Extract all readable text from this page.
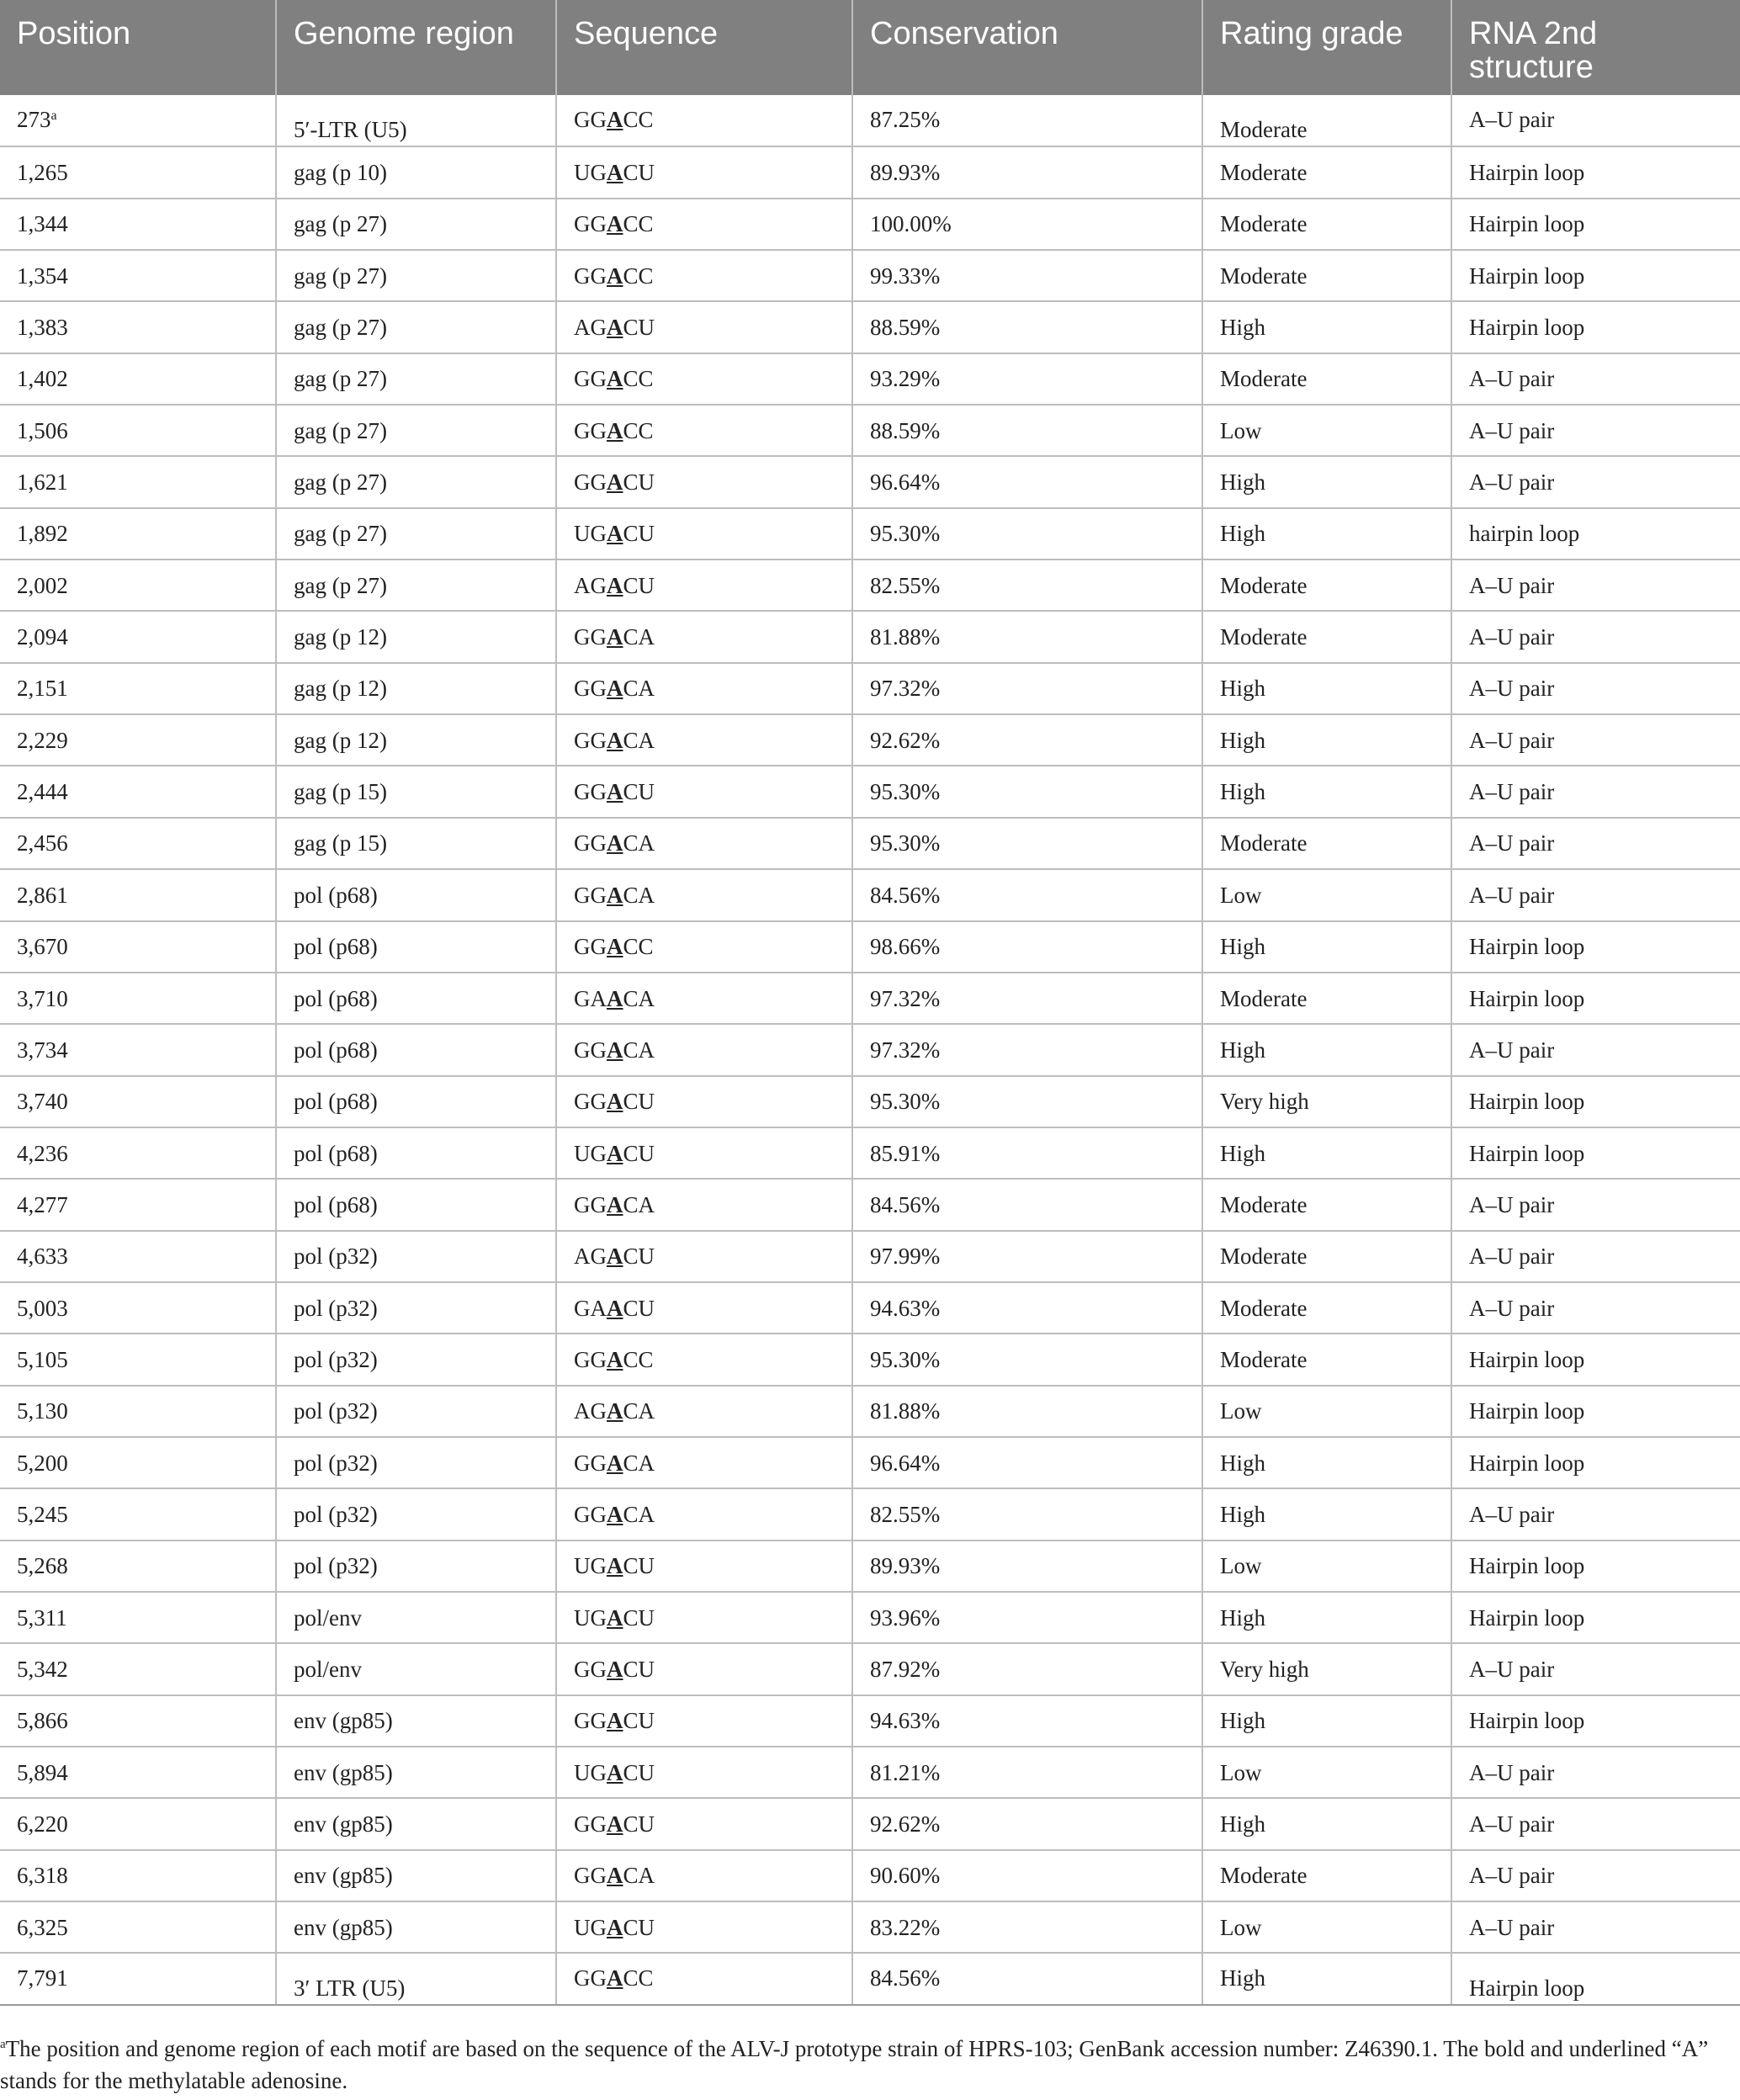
Position	Genome region	Sequence	Conservation	Rating grade	RNA 2nd structure
273$^a$	5′-LTR (U5)	GGACC	87.25%	Moderate	A–U pair
1,265	gag (p 10)	UGACU	89.93%	Moderate	Hairpin loop
1,344	gag (p 27)	GGACC	100.00%	Moderate	Hairpin loop
1,354	gag (p 27)	GGACC	99.33%	Moderate	Hairpin loop
1,383	gag (p 27)	AGACU	88.59%	High	Hairpin loop
1,402	gag (p 27)	GGACC	93.29%	Moderate	A–U pair
1,506	gag (p 27)	GGACC	88.59%	Low	A–U pair
1,621	gag (p 27)	GGACU	96.64%	High	A–U pair
1,892	gag (p 27)	UGACU	95.30%	High	hairpin loop
2,002	gag (p 27)	AGACU	82.55%	Moderate	A–U pair
2,094	gag (p 12)	GGACA	81.88%	Moderate	A–U pair
2,151	gag (p 12)	GGACA	97.32%	High	A–U pair
2,229	gag (p 12)	GGACA	92.62%	High	A–U pair
2,444	gag (p 15)	GGACU	95.30%	High	A–U pair
2,456	gag (p 15)	GGACA	95.30%	Moderate	A–U pair
2,861	pol (p68)	GGACA	84.56%	Low	A–U pair
3,670	pol (p68)	GGACC	98.66%	High	Hairpin loop
3,710	pol (p68)	GAACA	97.32%	Moderate	Hairpin loop
3,734	pol (p68)	GGACA	97.32%	High	A–U pair
3,740	pol (p68)	GGACU	95.30%	Very high	Hairpin loop
4,236	pol (p68)	UGACU	85.91%	High	Hairpin loop
4,277	pol (p68)	GGACA	84.56%	Moderate	A–U pair
4,633	pol (p32)	AGACU	97.99%	Moderate	A–U pair
5,003	pol (p32)	GAACU	94.63%	Moderate	A–U pair
5,105	pol (p32)	GGACC	95.30%	Moderate	Hairpin loop
5,130	pol (p32)	AGACA	81.88%	Low	Hairpin loop
5,200	pol (p32)	GGACA	96.64%	High	Hairpin loop
5,245	pol (p32)	GGACA	82.55%	High	A–U pair
5,268	pol (p32)	UGACU	89.93%	Low	Hairpin loop
5,311	pol/env	UGACU	93.96%	High	Hairpin loop
5,342	pol/env	GGACU	87.92%	Very high	A–U pair
5,866	env (gp85)	GGACU	94.63%	High	Hairpin loop
5,894	env (gp85)	UGACU	81.21%	Low	A–U pair
6,220	env (gp85)	GGACU	92.62%	High	A–U pair
6,318	env (gp85)	GGACA	90.60%	Moderate	A–U pair
6,325	env (gp85)	UGACU	83.22%	Low	A–U pair
7,791	3′ LTR (U5)	GGACC	84.56%	High	Hairpin loop
$^a$The position and genome region of each motif are based on the sequence of the ALV-J prototype strain of HPRS-103; GenBank accession number: Z46390.1. The bold and underlined “A” stands for the methylatable adenosine.
